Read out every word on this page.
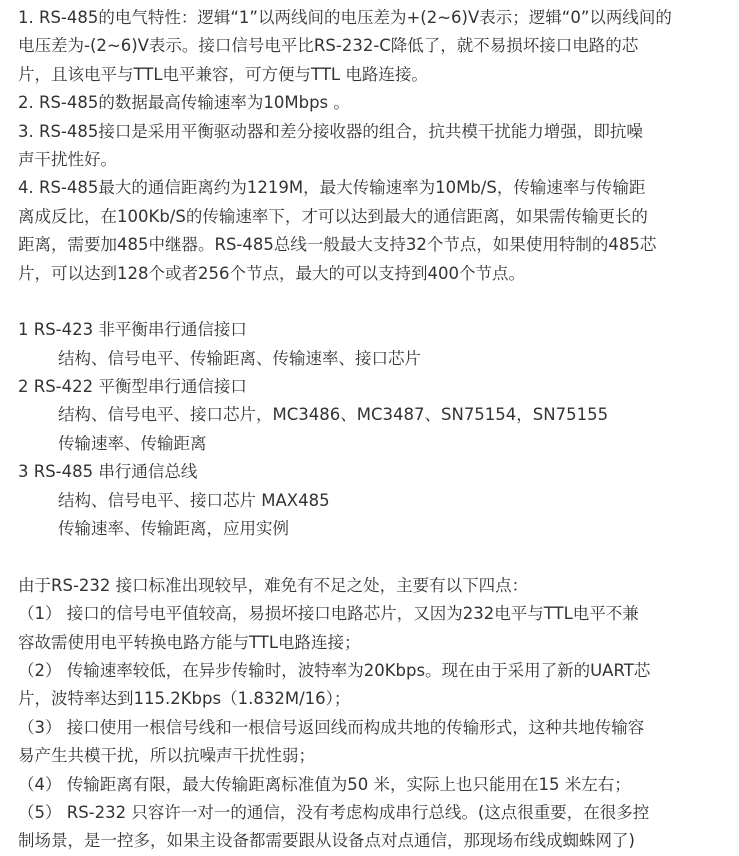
1. RS-485的电气特性：逻辑“1”以两线间的电压差为+(2~6)V表示；逻辑“0”以两线间的
电压差为-(2~6)V表示。接口信号电平比RS-232-C降低了，就不易损坏接口电路的芯
片，且该电平与TTL电平兼容，可方便与TTL 电路连接。
2. RS-485的数据最高传输速率为10Mbps 。
3. RS-485接口是采用平衡驱动器和差分接收器的组合，抗共模干扰能力增强，即抗噪
声干扰性好。
4. RS-485最大的通信距离约为1219M，最大传输速率为10Mb/S，传输速率与传输距
离成反比，在100Kb/S的传输速率下，才可以达到最大的通信距离，如果需传输更长的
距离，需要加485中继器。RS-485总线一般最大支持32个节点，如果使用特制的485芯
片，可以达到128个或者256个节点，最大的可以支持到400个节点。
1 RS-423 非平衡串行通信接口
结构、信号电平、传输距离、传输速率、接口芯片
2 RS-422 平衡型串行通信接口
结构、信号电平、接口芯片，MC3486、MC3487、SN75154，SN75155
传输速率、传输距离
3 RS-485 串行通信总线
结构、信号电平、接口芯片 MAX485
传输速率、传输距离，应用实例
由于RS-232 接口标准出现较早，难免有不足之处，主要有以下四点：
（1） 接口的信号电平值较高，易损坏接口电路芯片，又因为232电平与TTL电平不兼
容故需使用电平转换电路方能与TTL电路连接；
（2） 传输速率较低，在异步传输时，波特率为20Kbps。现在由于采用了新的UART芯
片，波特率达到115.2Kbps（1.832M/16）；
（3） 接口使用一根信号线和一根信号返回线而构成共地的传输形式，这种共地传输容
易产生共模干扰，所以抗噪声干扰性弱；
（4） 传输距离有限，最大传输距离标准值为50 米，实际上也只能用在15 米左右；
（5） RS-232 只容许一对一的通信，没有考虑构成串行总线。(这点很重要，在很多控
制场景，是一控多，如果主设备都需要跟从设备点对点通信，那现场布线成蜘蛛网了)
